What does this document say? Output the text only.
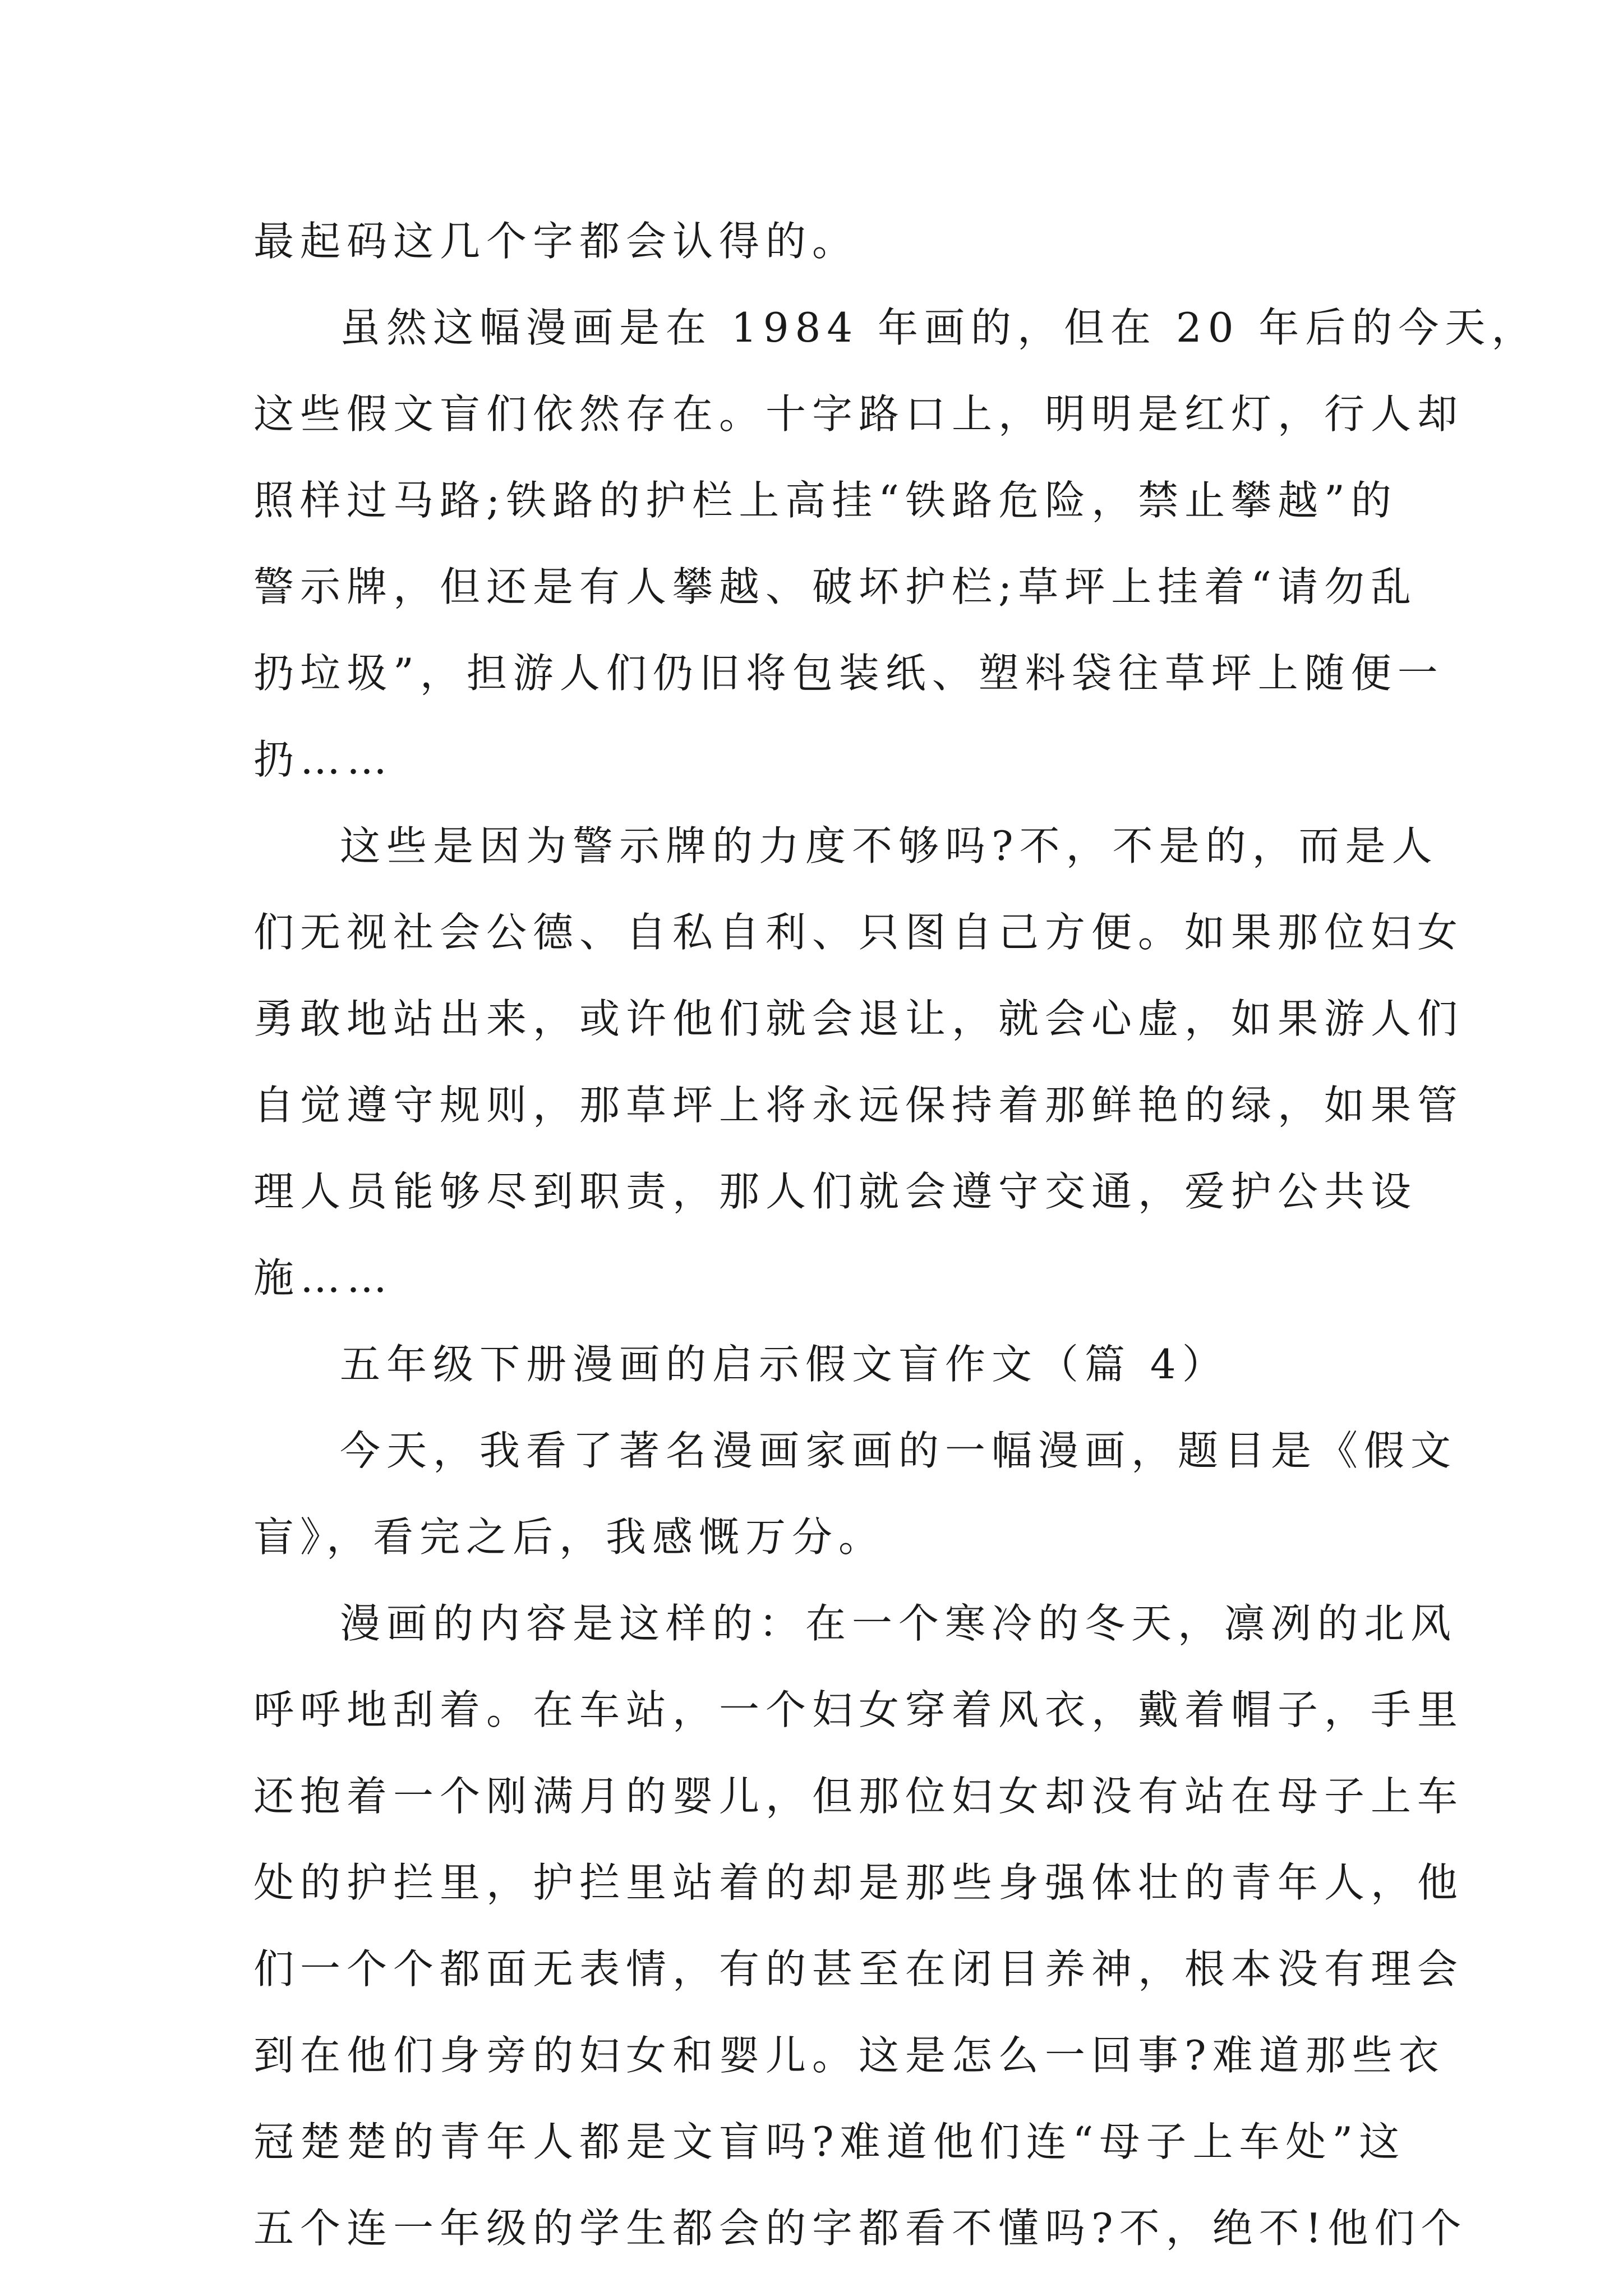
最起码这几个字都会认得的。
虽然这幅漫画是在 1984 年画的，但在 20 年后的今天，
这些假文盲们依然存在。十字路口上，明明是红灯，行人却
照样过马路;铁路的护栏上高挂“铁路危险，禁止攀越”的
警示牌，但还是有人攀越、破坏护栏;草坪上挂着“请勿乱
扔垃圾”，担游人们仍旧将包装纸、塑料袋往草坪上随便一
扔……
这些是因为警示牌的力度不够吗?不，不是的，而是人
们无视社会公德、自私自利、只图自己方便。如果那位妇女
勇敢地站出来，或许他们就会退让，就会心虚，如果游人们
自觉遵守规则，那草坪上将永远保持着那鲜艳的绿，如果管
理人员能够尽到职责，那人们就会遵守交通，爱护公共设
施……
五年级下册漫画的启示假文盲作文（篇 4）
今天，我看了著名漫画家画的一幅漫画，题目是《假文
盲》，看完之后，我感慨万分。
漫画的内容是这样的：在一个寒冷的冬天，凛冽的北风
呼呼地刮着。在车站，一个妇女穿着风衣，戴着帽子，手里
还抱着一个刚满月的婴儿，但那位妇女却没有站在母子上车
处的护拦里，护拦里站着的却是那些身强体壮的青年人，他
们一个个都面无表情，有的甚至在闭目养神，根本没有理会
到在他们身旁的妇女和婴儿。这是怎么一回事?难道那些衣
冠楚楚的青年人都是文盲吗?难道他们连“母子上车处”这
五个连一年级的学生都会的字都看不懂吗?不，绝不!他们个
